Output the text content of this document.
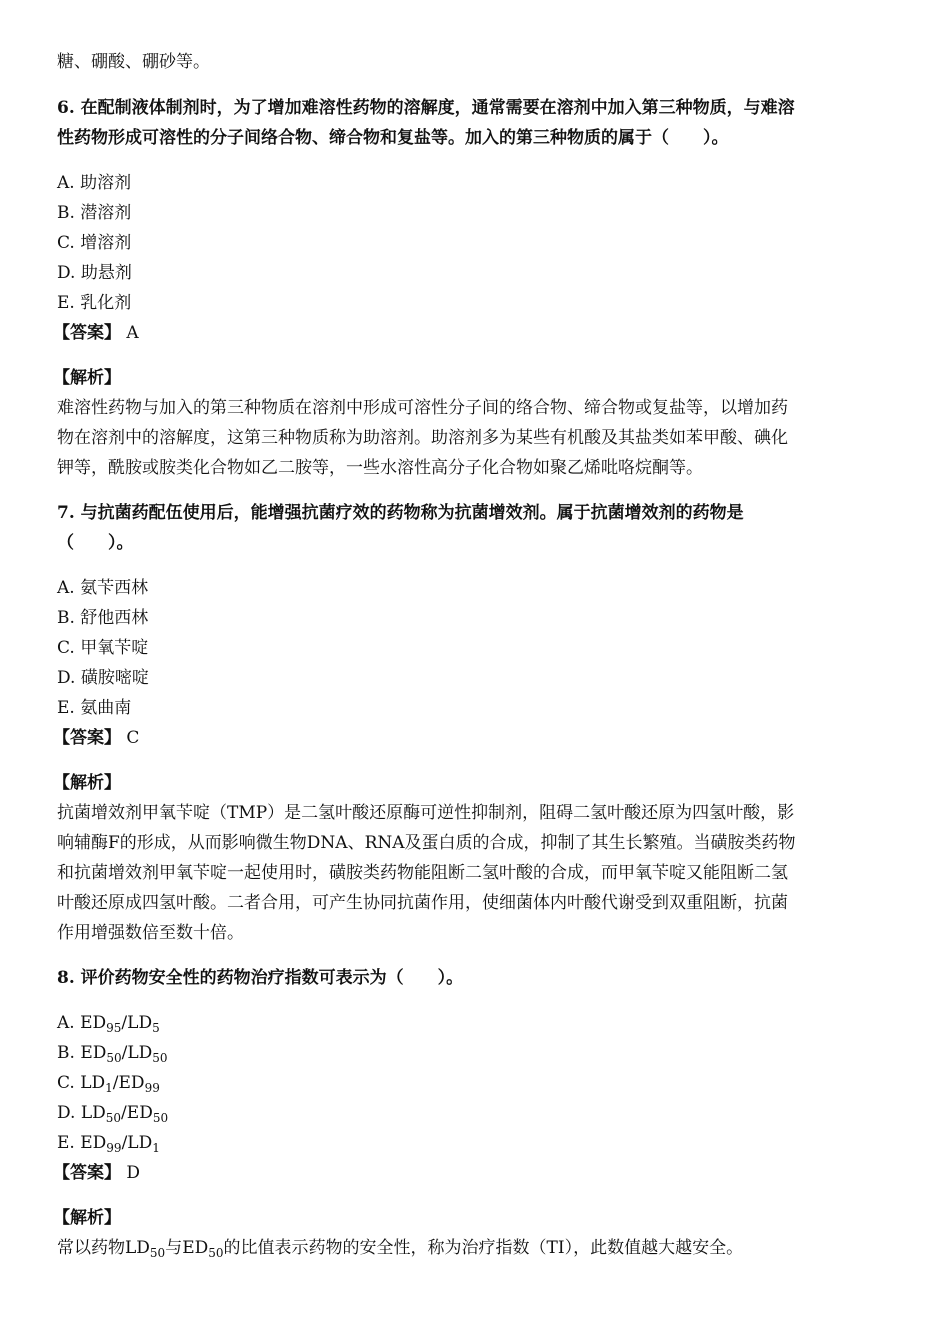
糖、硼酸、硼砂等。
6. 在配制液体制剂时，为了增加难溶性药物的溶解度，通常需要在溶剂中加入第三种物质，与难溶
性药物形成可溶性的分子间络合物、缔合物和复盐等。加入的第三种物质的属于（　　）。
A. 助溶剂
B. 潜溶剂
C. 增溶剂
D. 助悬剂
E. 乳化剂
【答案】 A
【解析】
难溶性药物与加入的第三种物质在溶剂中形成可溶性分子间的络合物、缔合物或复盐等，以增加药
物在溶剂中的溶解度，这第三种物质称为助溶剂。助溶剂多为某些有机酸及其盐类如苯甲酸、碘化
钾等，酰胺或胺类化合物如乙二胺等，一些水溶性高分子化合物如聚乙烯吡咯烷酮等。
7. 与抗菌药配伍使用后，能增强抗菌疗效的药物称为抗菌增效剂。属于抗菌增效剂的药物是
（　　）。
A. 氨苄西林
B. 舒他西林
C. 甲氧苄啶
D. 磺胺嘧啶
E. 氨曲南
【答案】 C
【解析】
抗菌增效剂甲氧苄啶（TMP）是二氢叶酸还原酶可逆性抑制剂，阻碍二氢叶酸还原为四氢叶酸，影
响辅酶F的形成，从而影响微生物DNA、RNA及蛋白质的合成，抑制了其生长繁殖。当磺胺类药物
和抗菌增效剂甲氧苄啶一起使用时，磺胺类药物能阻断二氢叶酸的合成，而甲氧苄啶又能阻断二氢
叶酸还原成四氢叶酸。二者合用，可产生协同抗菌作用，使细菌体内叶酸代谢受到双重阻断，抗菌
作用增强数倍至数十倍。
8. 评价药物安全性的药物治疗指数可表示为（　　）。
A. $ED_{95}/LD_5$
B. $ED_{50}/LD_{50}$
C. $LD_1/ED_{99}$
D. $LD_{50}/ED_{50}$
E. $ED_{99}/LD_1$
【答案】 D
【解析】
常以药物$LD_{50}$与$ED_{50}$的比值表示药物的安全性，称为治疗指数（TI），此数值越大越安全。
